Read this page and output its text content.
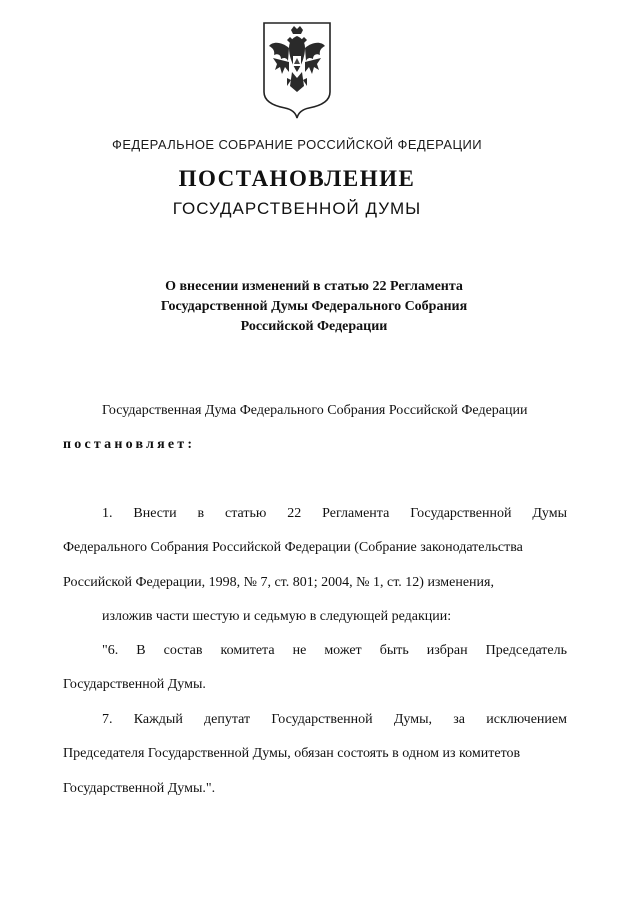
ФЕДЕРАЛЬНОЕ СОБРАНИЕ РОССИЙСКОЙ ФЕДЕРАЦИИ
ПОСТАНОВЛЕНИЕ
ГОСУДАРСТВЕННОЙ ДУМЫ
О внесении изменений в статью 22 Регламента
Государственной Думы Федерального Собрания
Российской Федерации
Государственная Дума Федерального Собрания Российской Федерации
постановляет:
1. Внести в статью 22 Регламента Государственной Думы
Федерального Собрания Российской Федерации (Собрание законодательства
Российской Федерации, 1998, № 7, ст. 801; 2004, № 1, ст. 12) изменения,
изложив части шестую и седьмую в следующей редакции:
"6. В состав комитета не может быть избран Председатель
Государственной Думы.
7. Каждый депутат Государственной Думы, за исключением
Председателя Государственной Думы, обязан состоять в одном из комитетов
Государственной Думы.".
